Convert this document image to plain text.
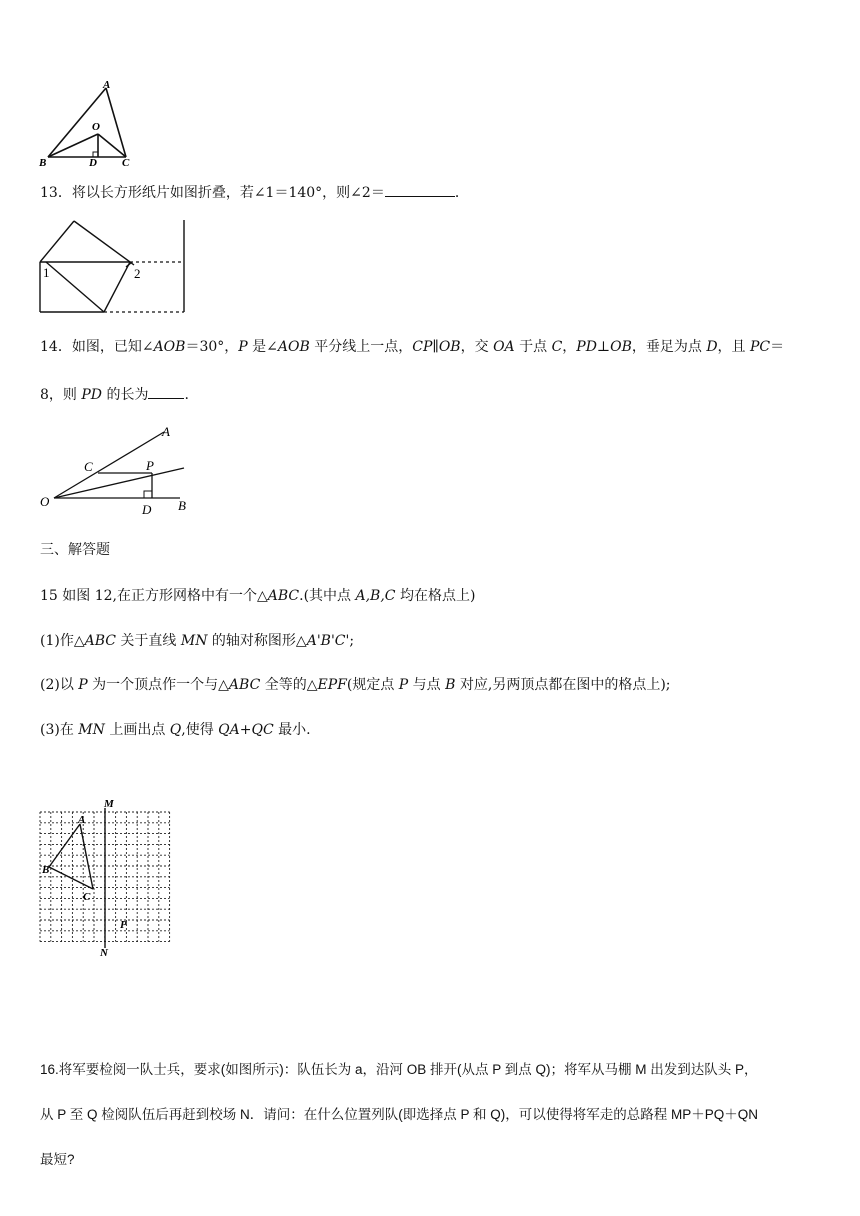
A
O
B	D C
13．将以长方形纸片如图折叠，若∠1＝140°，则∠2＝	．
1	2
14．如图，已知∠AOB＝30°，P 是∠AOB 平分线上一点，CP∥OB，交 OA 于点 C，PD⊥OB，垂足为点 D，且 PC＝
8，则 PD 的长为	.
A
C	P
O
D B
三、解答题
15 如图 12,在正方形网格中有一个△ABC.(其中点 A,B,C 均在格点上)
(1)作△ABC 关于直线 MN 的轴对称图形△A'B'C';
(2)以 P 为一个顶点作一个与△ABC 全等的△EPF(规定点 P 与点 B 对应,另两顶点都在图中的格点上);
(3)在 MN 上画出点 Q,使得 QA+QC 最小.
M
A
B
C
P
N
16.将军要检阅一队士兵，要求(如图所示)：队伍长为 a，沿河 OB 排开(从点 P 到点 Q)；将军从马棚 M 出发到达队头 P，
从 P 至 Q 检阅队伍后再赶到校场 N．请问：在什么位置列队(即选择点 P 和 Q)，可以使得将军走的总路程 MP＋PQ＋QN
最短?
